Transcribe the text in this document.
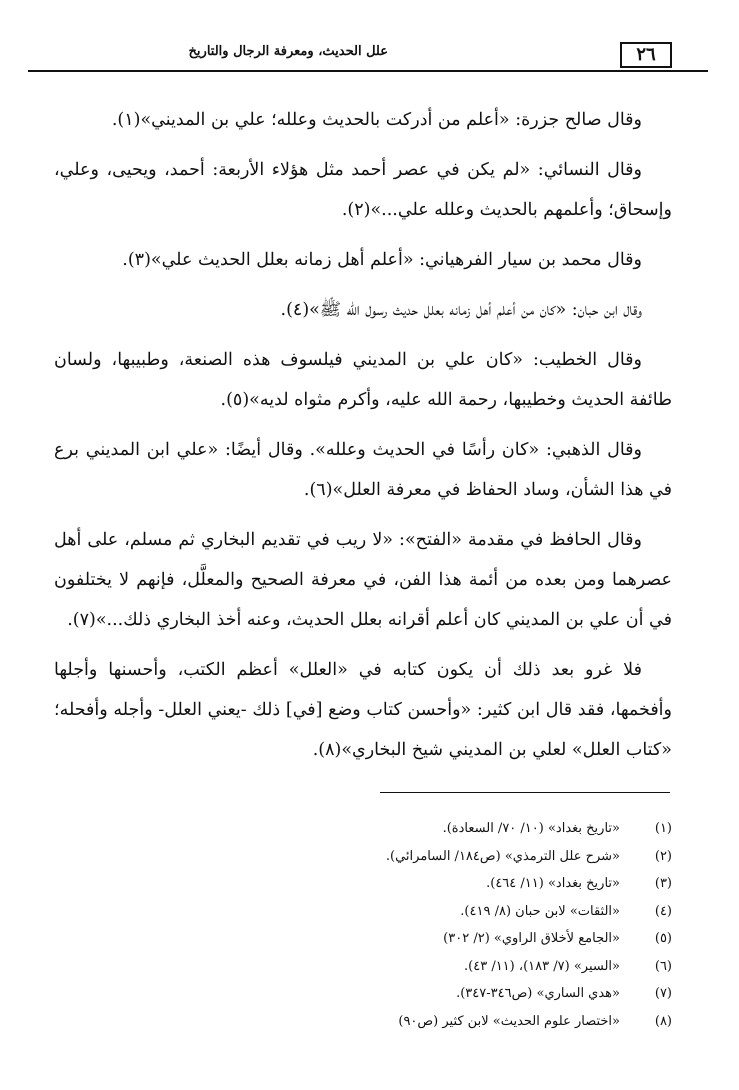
٢٦
علل الحديث، ومعرفة الرجال والتاريخ

وقال صالح جزرة: «أعلم من أدركت بالحديث وعلله؛ علي بن المديني»(١).

وقال النسائي: «لم يكن في عصر أحمد مثل هؤلاء الأربعة: أحمد، ويحيى، وعلي، وإسحاق؛ وأعلمهم بالحديث وعلله علي...»(٢).

وقال محمد بن سيار الفرهياني: «أعلم أهل زمانه بعلل الحديث علي»(٣).

وقال ابن حبان: «كان من أعلم أهل زمانه بعلل حديث رسول الله ﷺ»(٤).

وقال الخطيب: «كان علي بن المديني فيلسوف هذه الصنعة، وطبيبها، ولسان طائفة الحديث وخطيبها، رحمة الله عليه، وأكرم مثواه لديه»(٥).

وقال الذهبي: «كان رأسًا في الحديث وعلله». وقال أيضًا: «علي ابن المديني برع في هذا الشأن، وساد الحفاظ في معرفة العلل»(٦).

وقال الحافظ في مقدمة «الفتح»: «لا ريب في تقديم البخاري ثم مسلم، على أهل عصرهما ومن بعده من أئمة هذا الفن، في معرفة الصحيح والمعلَّل، فإنهم لا يختلفون في أن علي بن المديني كان أعلم أقرانه بعلل الحديث، وعنه أخذ البخاري ذلك...»(٧).

فلا غرو بعد ذلك أن يكون كتابه في «العلل» أعظم الكتب، وأحسنها وأجلها وأفخمها، فقد قال ابن كثير: «وأحسن كتاب وضع [في] ذلك -يعني العلل- وأجله وأفحله؛ «كتاب العلل» لعلي بن المديني شيخ البخاري»(٨).

(١)
«تاريخ بغداد» (١٠/ ٧٠/ السعادة).
(٢)
«شرح علل الترمذي» (ص١٨٤/ السامرائي).
(٣)
«تاريخ بغداد» (١١/ ٤٦٤).
(٤)
«الثقات» لابن حبان (٨/ ٤١٩).
(٥)
«الجامع لأخلاق الراوي» (٢/ ٣٠٢)
(٦)
«السير» (٧/ ١٨٣)، (١١/ ٤٣).
(٧)
«هدي الساري» (ص٣٤٦-٣٤٧).
(٨)
«اختصار علوم الحديث» لابن كثير (ص٩٠)
